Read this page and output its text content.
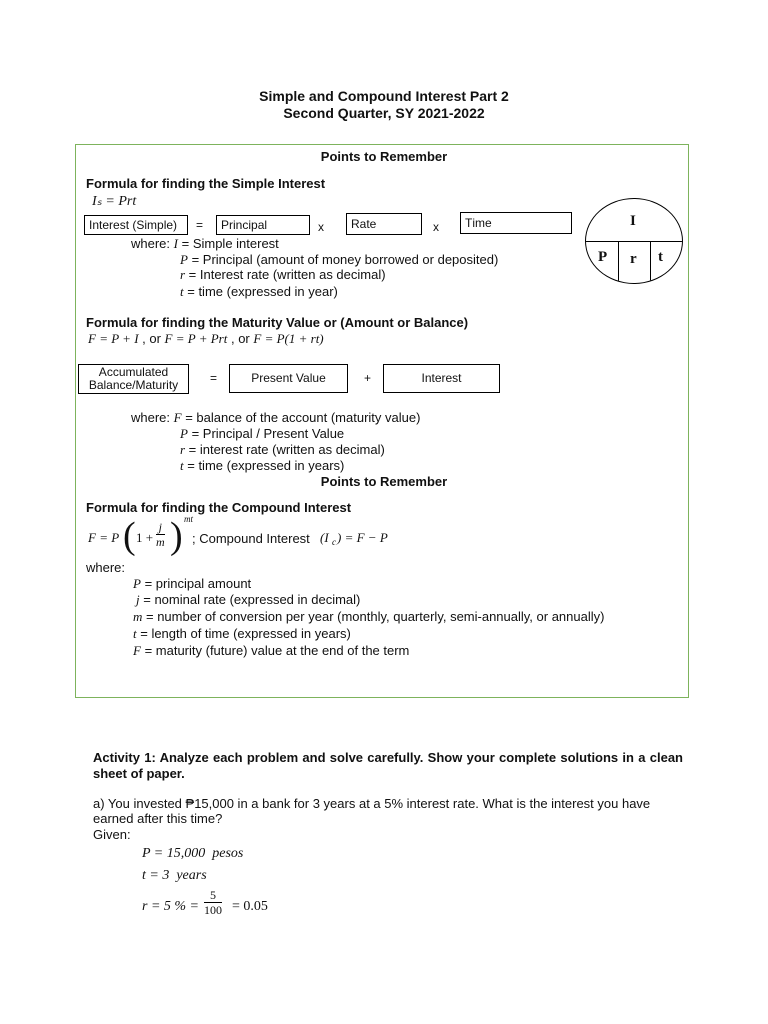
Simple and Compound Interest Part 2
Second Quarter, SY 2021-2022
Points to Remember
Formula for finding the Simple Interest
Iₛ = Prt
I nterest (Simple) = P rincipal	x R ate	x T ime	I
P r t
where: I = Simple interest
P = Principal (amount of money borrowed or deposited)
r = Interest rate (written as decimal)
t = time (expressed in year)
Formula for finding the Maturity Value or (Amount or Balance)
F = P + I , or F = P + Prt , or F = P(1 + rt)
Accumulated
Balance/Maturity	=	P resent Value	+	I nterest
where: F = balance of the account (maturity value)
P = Principal / Present Value
r = interest rate (written as decimal)
t = time (expressed in years)
Points to Remember
Formula for finding the Compound Interest
F = P ( $1 + \frac{j}{m}$ ) mt
; Compound Interest (I c ) = F − P
where:
P = principal amount
j = nominal rate (expressed in decimal)
m = number of conversion per year (monthly, quarterly, semi-annually, or annually)
t = length of time (expressed in years)
F = maturity (future) value at the end of the term
Activity 1: Analyze each problem and solve carefully. Show your complete solutions in a clean sheet of paper.
a) You invested ₱15,000 in a bank for 3 years at a 5% interest rate. What is the interest you have earned after this time?
Given:
P = 15,000 pesos
t = 3 years
r = 5 % = $\frac{5}{100} = 0.05$
